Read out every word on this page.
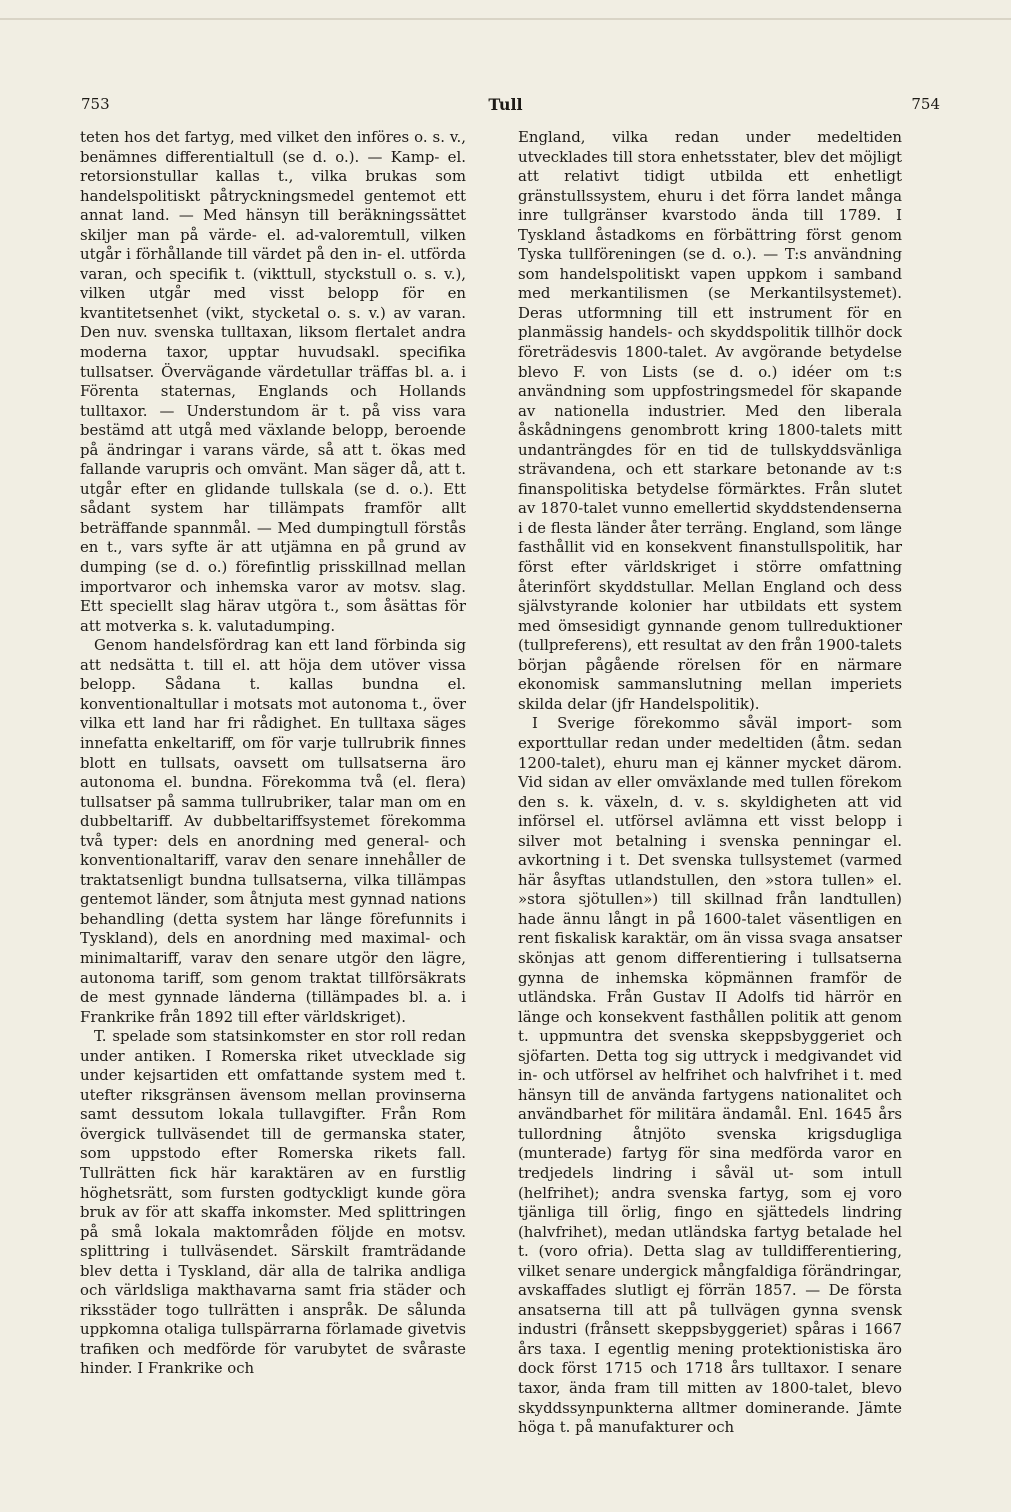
753	Tull	754

teten hos det fartyg, med vilket den införes o. s. v., benämnes differentialtull (se d. o.). — Kamp- el. retorsionstullar kallas t., vilka brukas som handelspolitiskt påtryckningsmedel gentemot ett annat land. — Med hänsyn till beräkningssättet skiljer man på värde- el. ad-valoremtull, vilken utgår i förhållande till värdet på den in- el. utförda varan, och specifik t. (vikttull, styckstull o. s. v.), vilken utgår med visst belopp för en kvantitetsenhet (vikt, stycketal o. s. v.) av varan. Den nuv. svenska tulltaxan, liksom flertalet andra moderna taxor, upptar huvudsakl. specifika tullsatser. Övervägande värdetullar träffas bl. a. i Förenta staternas, Englands och Hollands tulltaxor. — Understundom är t. på viss vara bestämd att utgå med växlande belopp, beroende på ändringar i varans värde, så att t. ökas med fallande varupris och omvänt. Man säger då, att t. utgår efter en glidande tullskala (se d. o.). Ett sådant system har tillämpats framför allt beträffande spannmål. — Med dumpingtull förstås en t., vars syfte är att utjämna en på grund av dumping (se d. o.) förefintlig prisskillnad mellan importvaror och inhemska varor av motsv. slag. Ett speciellt slag härav utgöra t., som åsättas för att motverka s. k. valutadumping.

Genom handelsfördrag kan ett land förbinda sig att nedsätta t. till el. att höja dem utöver vissa belopp. Sådana t. kallas bundna el. konventionaltullar i motsats mot autonoma t., över vilka ett land har fri rådighet. En tulltaxa säges innefatta enkeltariff, om för varje tullrubrik finnes blott en tullsats, oavsett om tullsatserna äro autonoma el. bundna. Förekomma två (el. flera) tullsatser på samma tullrubriker, talar man om en dubbeltariff. Av dubbeltariffsystemet förekomma två typer: dels en anordning med general- och konventionaltariff, varav den senare innehåller de traktatsenligt bundna tullsatserna, vilka tillämpas gentemot länder, som åtnjuta mest gynnad nations behandling (detta system har länge förefunnits i Tyskland), dels en anordning med maximal- och minimaltariff, varav den senare utgör den lägre, autonoma tariff, som genom traktat tillförsäkrats de mest gynnade länderna (tillämpades bl. a. i Frankrike från 1892 till efter världskriget).

T. spelade som statsinkomster en stor roll redan under antiken. I Romerska riket utvecklade sig under kejsartiden ett omfattande system med t. utefter riksgränsen ävensom mellan provinserna samt dessutom lokala tullavgifter. Från Rom övergick tullväsendet till de germanska stater, som uppstodo efter Romerska rikets fall. Tullrätten fick här karaktären av en furstlig höghetsrätt, som fursten godtyckligt kunde göra bruk av för att skaffa inkomster. Med splittringen på små lokala maktområden följde en motsv. splittring i tullväsendet. Särskilt framträdande blev detta i Tyskland, där alla de talrika andliga och världsliga makthavarna samt fria städer och riksstäder togo tullrätten i anspråk. De sålunda uppkomna otaliga tullspärrarna förlamade givetvis trafiken och medförde för varubytet de svåraste hinder. I Frankrike och

England, vilka redan under medeltiden utvecklades till stora enhetsstater, blev det möjligt att relativt tidigt utbilda ett enhetligt gränstullssystem, ehuru i det förra landet många inre tullgränser kvarstodo ända till 1789. I Tyskland åstadkoms en förbättring först genom Tyska tullföreningen (se d. o.). — T:s användning som handelspolitiskt vapen uppkom i samband med merkantilismen (se Merkantilsystemet). Deras utformning till ett instrument för en planmässig handels- och skyddspolitik tillhör dock företrädesvis 1800-talet. Av avgörande betydelse blevo F. von Lists (se d. o.) idéer om t:s användning som uppfostringsmedel för skapande av nationella industrier. Med den liberala åskådningens genombrott kring 1800-talets mitt undanträngdes för en tid de tullskyddsvänliga strävandena, och ett starkare betonande av t:s finanspolitiska betydelse förmärktes. Från slutet av 1870-talet vunno emellertid skyddstendenserna i de flesta länder åter terräng. England, som länge fasthållit vid en konsekvent finanstullspolitik, har först efter världskriget i större omfattning återinfört skyddstullar. Mellan England och dess självstyrande kolonier har utbildats ett system med ömsesidigt gynnande genom tullreduktioner (tullpreferens), ett resultat av den från 1900-talets början pågående rörelsen för en närmare ekonomisk sammanslutning mellan imperiets skilda delar (jfr Handelspolitik).

I Sverige förekommo såväl import- som exporttullar redan under medeltiden (åtm. sedan 1200-talet), ehuru man ej känner mycket därom. Vid sidan av eller omväxlande med tullen förekom den s. k. växeln, d. v. s. skyldigheten att vid införsel el. utförsel avlämna ett visst belopp i silver mot betalning i svenska penningar el. avkortning i t. Det svenska tullsystemet (varmed här åsyftas utlandstullen, den »stora tullen» el. »stora sjötullen») till skillnad från landtullen) hade ännu långt in på 1600-talet väsentligen en rent fiskalisk karaktär, om än vissa svaga ansatser skönjas att genom differentiering i tullsatserna gynna de inhemska köpmännen framför de utländska. Från Gustav II Adolfs tid härrör en länge och konsekvent fasthållen politik att genom t. uppmuntra det svenska skeppsbyggeriet och sjöfarten. Detta tog sig uttryck i medgivandet vid in- och utförsel av helfrihet och halvfrihet i t. med hänsyn till de använda fartygens nationalitet och användbarhet för militära ändamål. Enl. 1645 års tullordning åtnjöto svenska krigsdugliga (munterade) fartyg för sina medförda varor en tredjedels lindring i såväl ut- som intull (helfrihet); andra svenska fartyg, som ej voro tjänliga till örlig, fingo en sjättedels lindring (halvfrihet), medan utländska fartyg betalade hel t. (voro ofria). Detta slag av tulldifferentiering, vilket senare undergick mångfaldiga förändringar, avskaffades slutligt ej förrän 1857. — De första ansatserna till att på tullvägen gynna svensk industri (frånsett skeppsbyggeriet) spåras i 1667 års taxa. I egentlig mening protektionistiska äro dock först 1715 och 1718 års tulltaxor. I senare taxor, ända fram till mitten av 1800-talet, blevo skyddssynpunkterna alltmer dominerande. Jämte höga t. på manufakturer och
